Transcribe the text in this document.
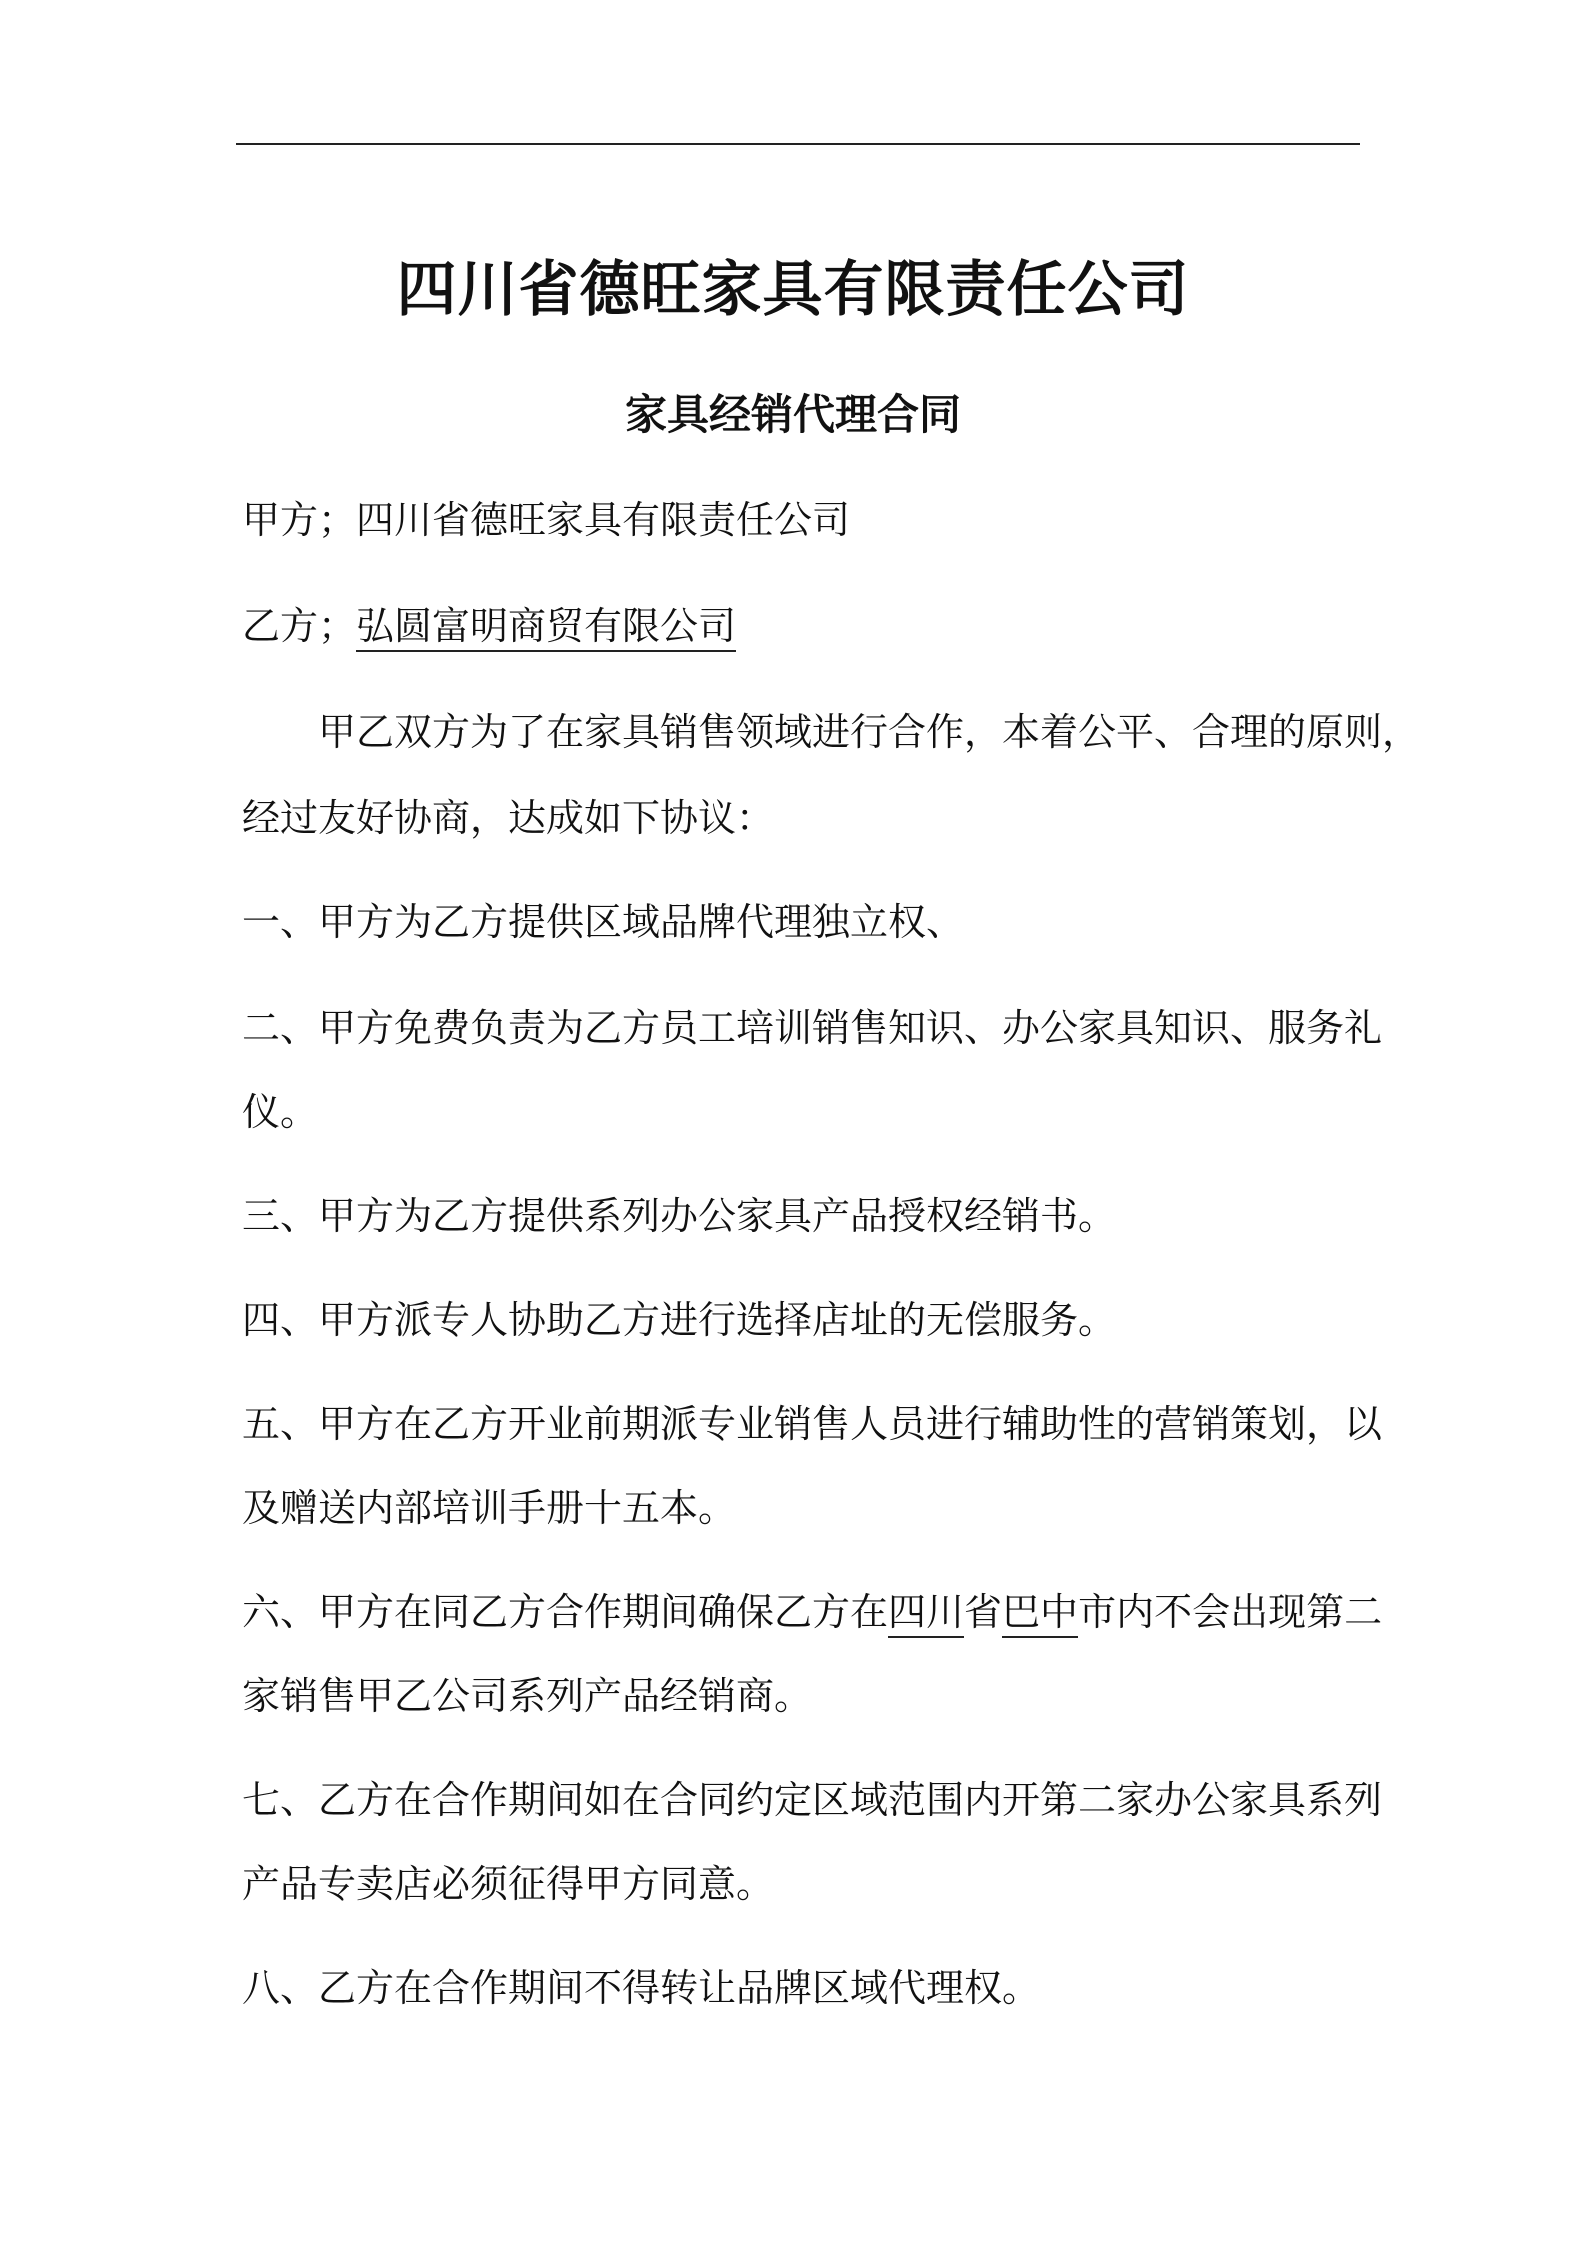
四川省德旺家具有限责任公司
家具经销代理合同
甲方；四川省德旺家具有限责任公司
乙方；弘圆富明商贸有限公司
甲乙双方为了在家具销售领域进行合作，本着公平、合理的原则，
经过友好协商，达成如下协议：
一、甲方为乙方提供区域品牌代理独立权、
二、甲方免费负责为乙方员工培训销售知识、办公家具知识、服务礼
仪。
三、甲方为乙方提供系列办公家具产品授权经销书。
四、甲方派专人协助乙方进行选择店址的无偿服务。
五、甲方在乙方开业前期派专业销售人员进行辅助性的营销策划，以
及赠送内部培训手册十五本。
六、甲方在同乙方合作期间确保乙方在四川省巴中市内不会出现第二
家销售甲乙公司系列产品经销商。
七、乙方在合作期间如在合同约定区域范围内开第二家办公家具系列
产品专卖店必须征得甲方同意。
八、乙方在合作期间不得转让品牌区域代理权。
